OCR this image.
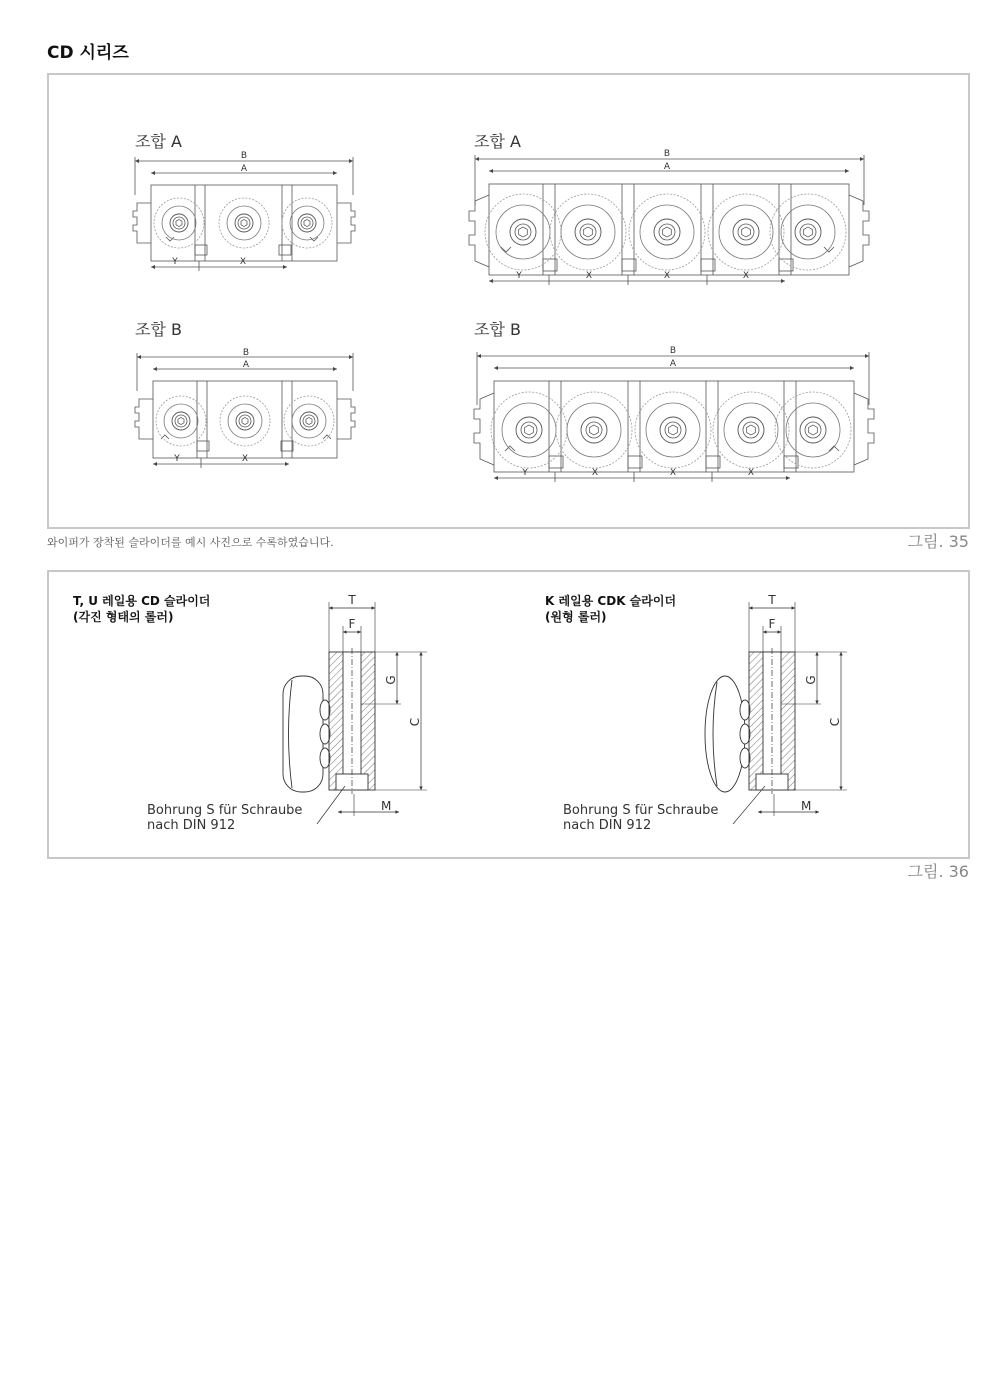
CD 시리즈
조합 A	조합 A
조합 B	조합 B
B
A
Y	X
B
A
Y	X	X	X
B
A
Y	X
B
A
Y	X	X	X
와이퍼가 장착된 슬라이더를 예시 사진으로 수록하였습니다.	그림. 35
T, U 레일용 CD 슬라이더
(각진 형태의 롤러)
T
F
G
C
M
Bohrung S für Schraube
nach DIN 912
K 레일용 CDK 슬라이더
(원형 롤러)
T
F
G
C
M
Bohrung S für Schraube
nach DIN 912
그림. 36
